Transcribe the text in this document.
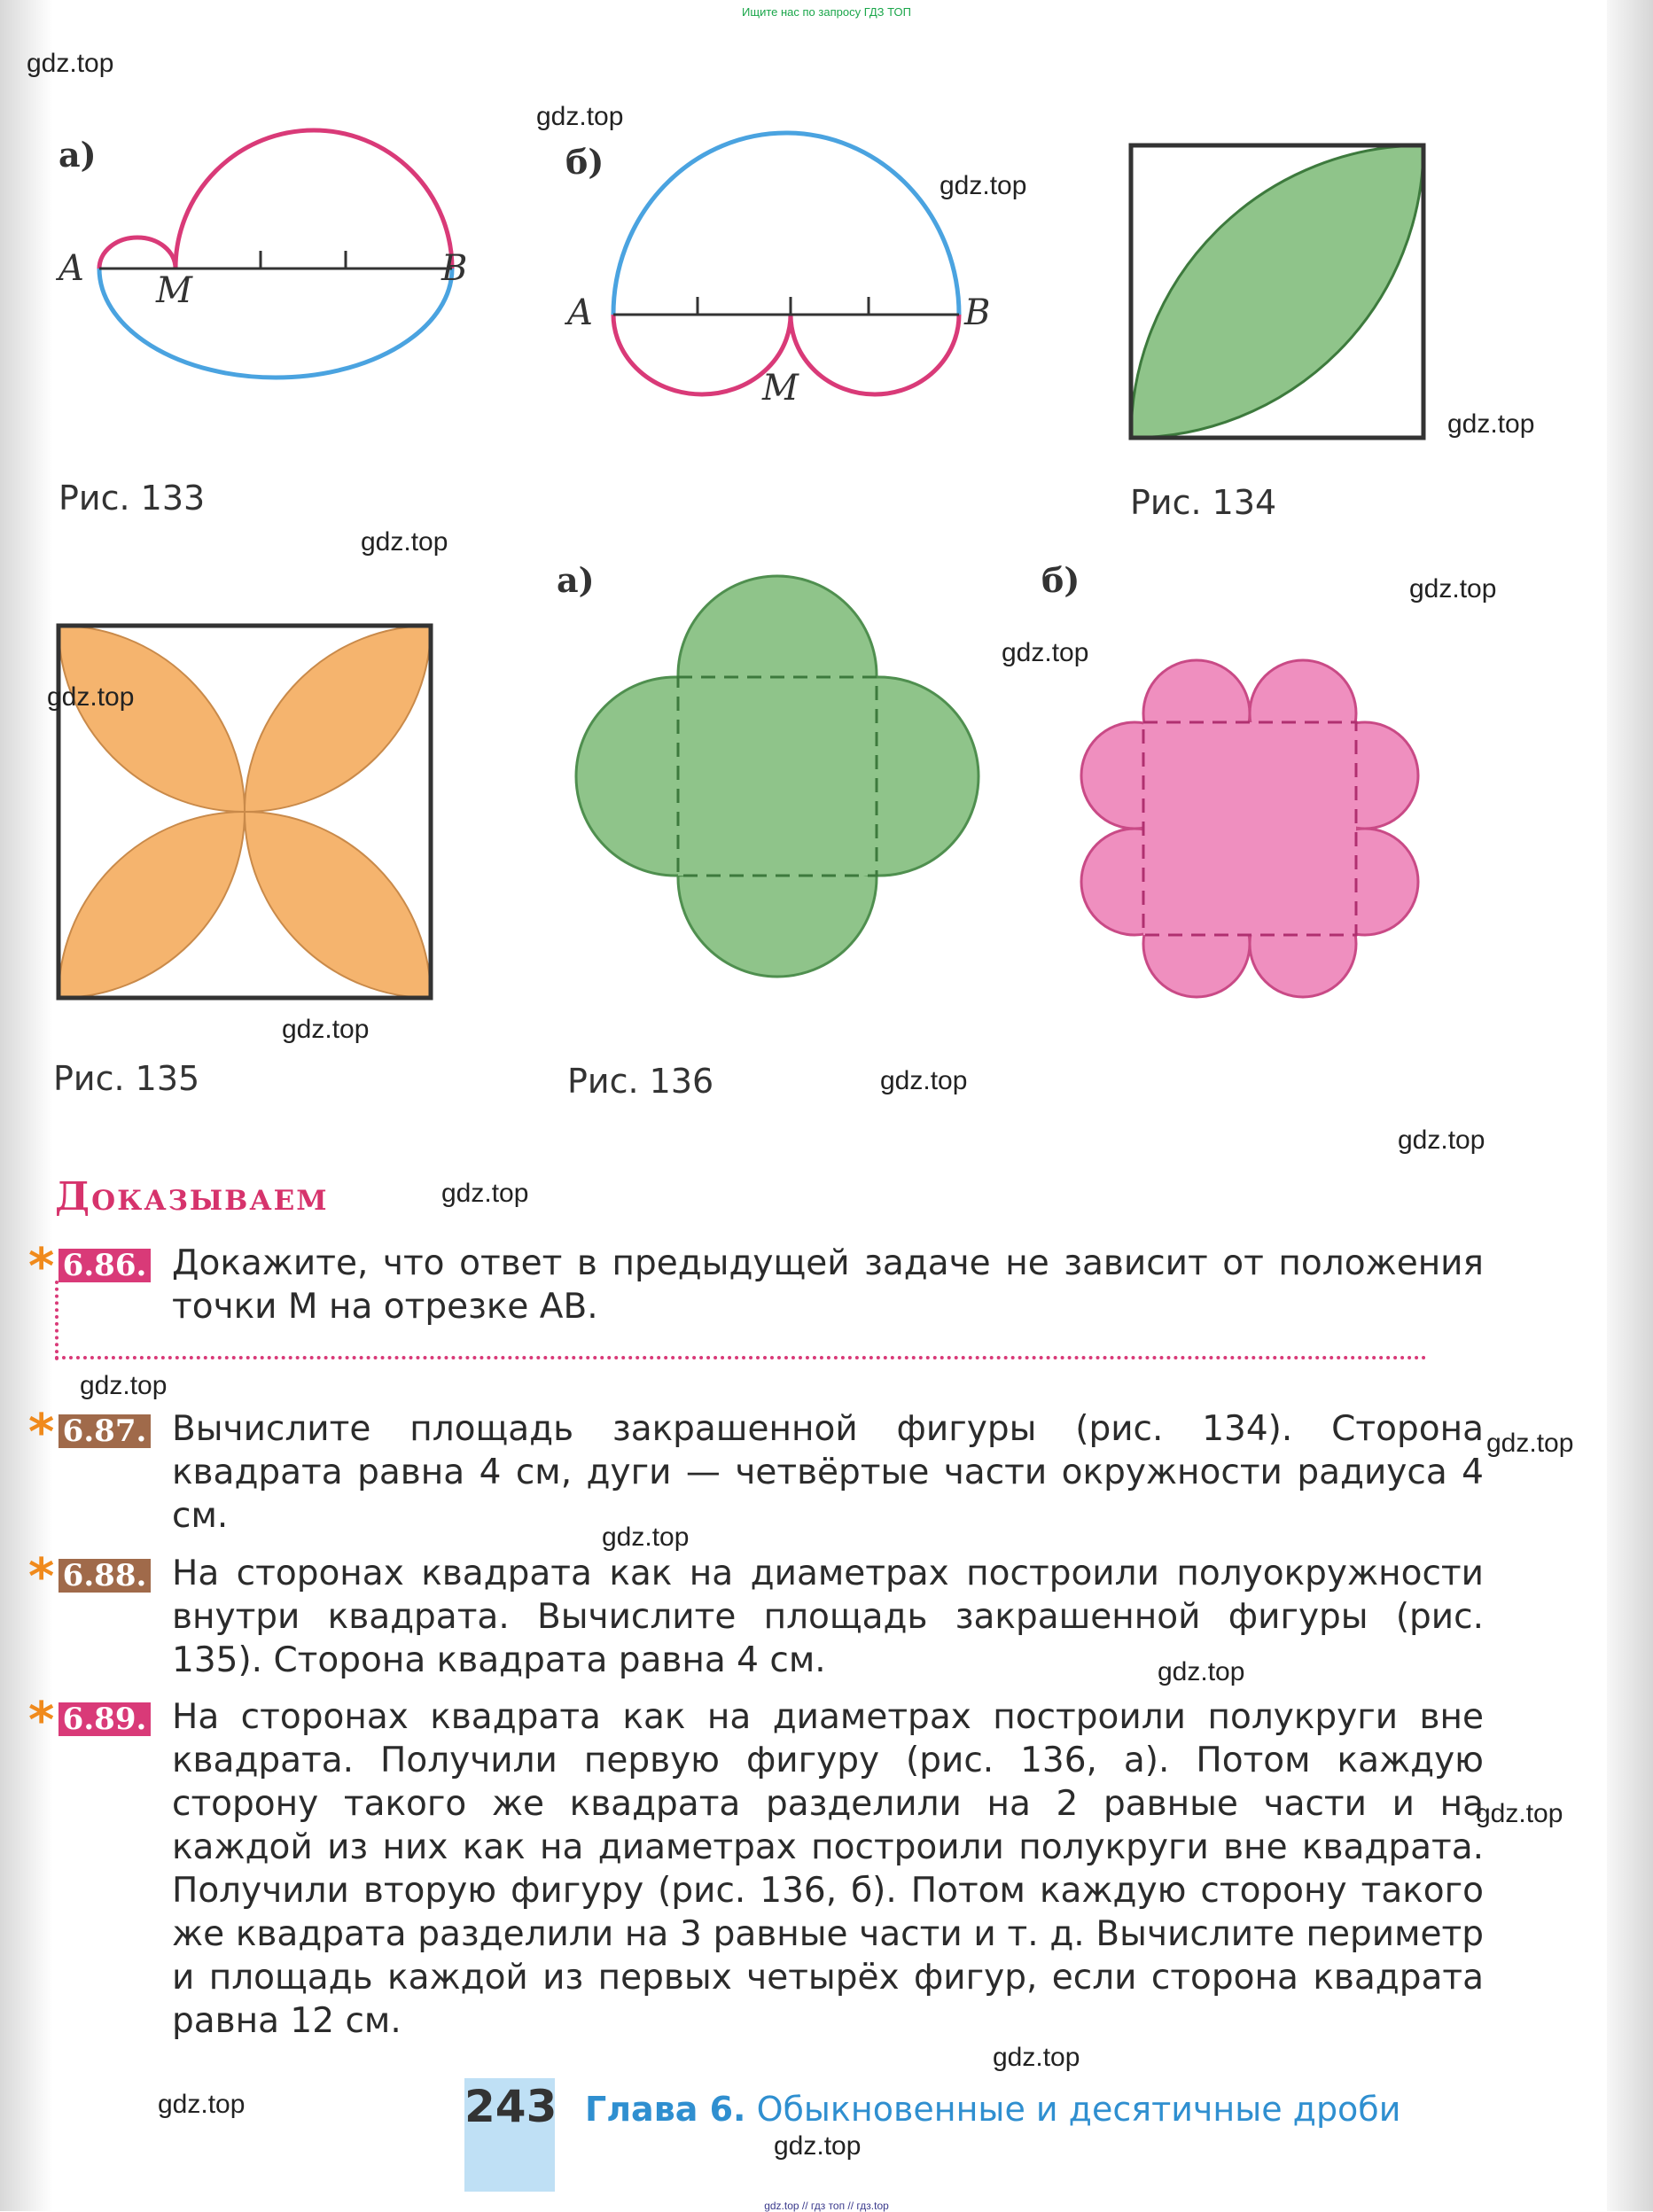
Ищите нас по запросу ГДЗ ТОП
а)
A
M
B
б)
A
M
B
Рис. 133	Рис. 134
Рис. 135
а)	б)
Рис. 136
Доказываем
* 6.86. Докажите, что ответ в предыдущей задаче не зависит от положения точки M на отрезке AB.
* 6.87. Вычислите площадь закрашенной фигуры (рис. 134). Сторона квадрата равна 4 см, дуги — четвёртые части окружности радиуса 4 см.
* 6.88. На сторонах квадрата как на диаметрах построили полуокружности внутри квадрата. Вычислите площадь закрашенной фигуры (рис. 135). Сторона квадрата равна 4 см.
* 6.89. На сторонах квадрата как на диаметрах построили полукруги вне квадрата. Получили первую фигуру (рис. 136, а). Потом каждую сторону такого же квадрата разделили на 2 равные части и на каждой из них как на диаметрах построили полукруги вне квадрата. Получили вторую фигуру (рис. 136, б). Потом каждую сторону такого же квадрата разделили на 3 равные части и т. д. Вычислите периметр и площадь каждой из первых четырёх фигур, если сторона квадрата равна 12 см.
243 Глава 6. Обыкновенные и десятичные дроби
gdz.top
gdz.top
gdz.top
gdz.top
gdz.top
gdz.top
gdz.top
gdz.top
gdz.top
gdz.top
gdz.top
gdz.top
gdz.top
gdz.top
gdz.top
gdz.top
gdz.top
gdz.top
gdz.top
gdz.top
gdz.top // гдз топ // гдз.top
